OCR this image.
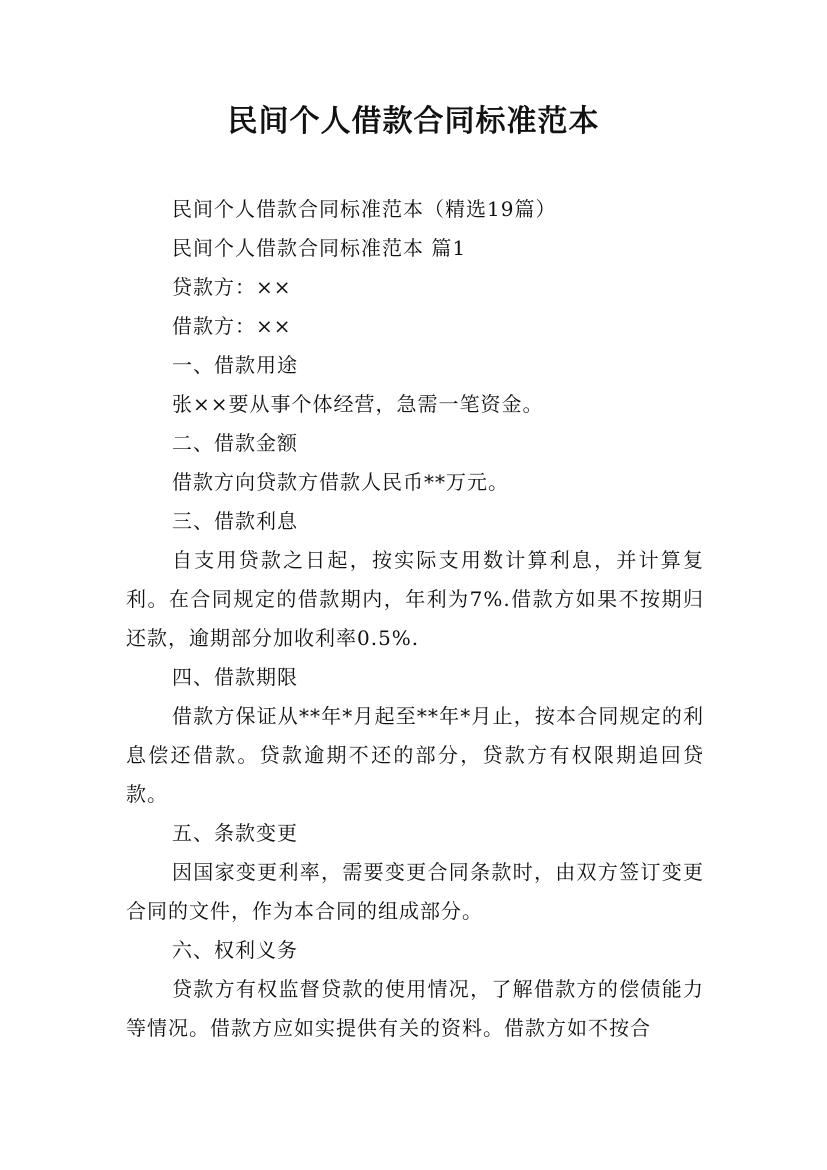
民间个人借款合同标准范本

民间个人借款合同标准范本（精选19篇）

民间个人借款合同标准范本 篇1

贷款方：××

借款方：××

一、借款用途

张××要从事个体经营，急需一笔资金。

二、借款金额

借款方向贷款方借款人民币**万元。

三、借款利息

自支用贷款之日起，按实际支用数计算利息，并计算复利。在合同规定的借款期内，年利为7%.借款方如果不按期归还款，逾期部分加收利率0.5%.

四、借款期限

借款方保证从**年*月起至**年*月止，按本合同规定的利息偿还借款。贷款逾期不还的部分，贷款方有权限期追回贷款。

五、条款变更

因国家变更利率，需要变更合同条款时，由双方签订变更合同的文件，作为本合同的组成部分。

六、权利义务

贷款方有权监督贷款的使用情况，了解借款方的偿债能力等情况。借款方应如实提供有关的资料。借款方如不按合
